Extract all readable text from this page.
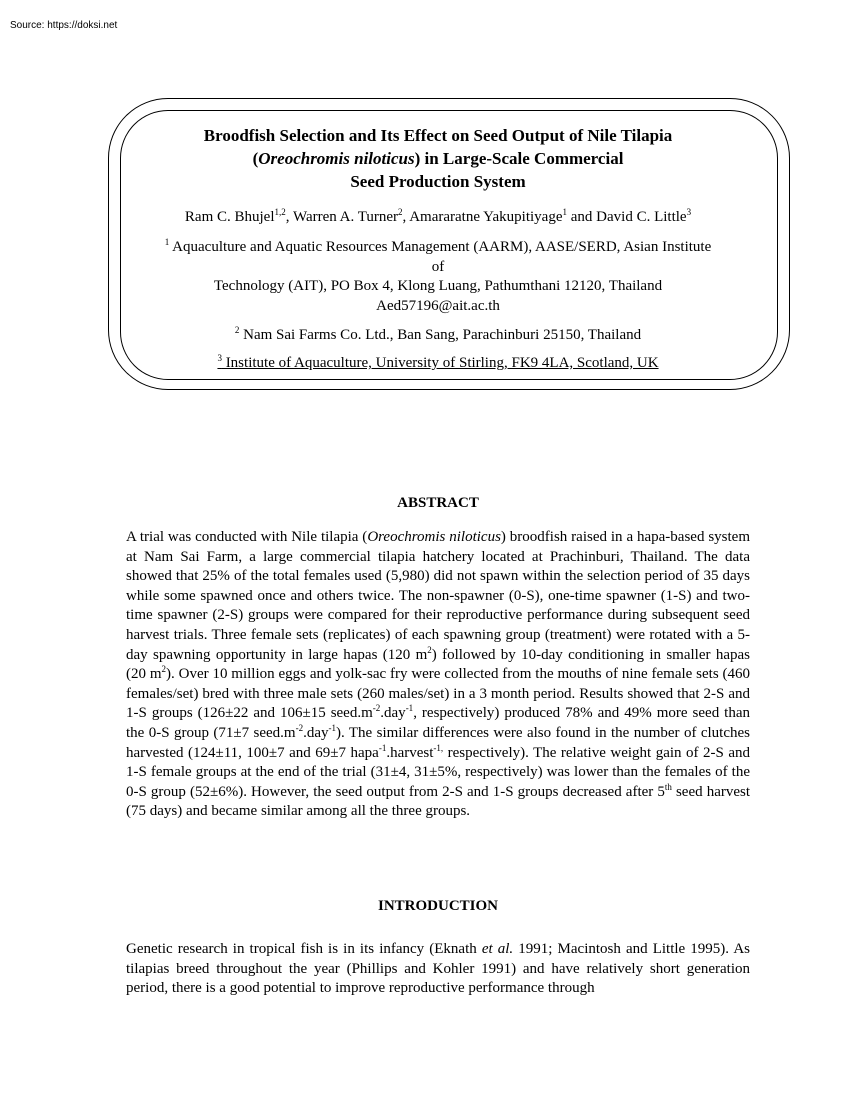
Source: https://doksi.net
Broodfish Selection and Its Effect on Seed Output of Nile Tilapia
(Oreochromis niloticus) in Large-Scale Commercial
Seed Production System
Ram C. Bhujel$^{1,2}$, Warren A. Turner$^2$, Amararatne Yakupitiyage$^1$ and David C. Little$^3$
$^1$ Aquaculture and Aquatic Resources Management (AARM), AASE/SERD, Asian Institute
of
Technology (AIT), PO Box 4, Klong Luang, Pathumthani 12120, Thailand
Aed57196@ait.ac.th
$^2$ Nam Sai Farms Co. Ltd., Ban Sang, Parachinburi 25150, Thailand
$^3$ Institute of Aquaculture, University of Stirling, FK9 4LA, Scotland, UK
ABSTRACT

A trial was conducted with Nile tilapia (Oreochromis niloticus) broodfish raised in a hapa-based system at Nam Sai Farm, a large commercial tilapia hatchery located at Prachinburi, Thailand. The data showed that 25% of the total females used (5,980) did not spawn within the selection period of 35 days while some spawned once and others twice. The non-spawner (0-S), one-time spawner (1-S) and two-time spawner (2-S) groups were compared for their reproductive performance during subsequent seed harvest trials. Three female sets (replicates) of each spawning group (treatment) were rotated with a 5-day spawning opportunity in large hapas (120 $m^2$) followed by 10-day conditioning in smaller hapas (20 $m^2$). Over 10 million eggs and yolk-sac fry were collected from the mouths of nine female sets (460 females/set) bred with three male sets (260 males/set) in a 3 month period. Results showed that 2-S and 1-S groups (126±22 and 106±15 $seed.m^{-2}.day^{-1}$, respectively) produced 78% and 49% more seed than the 0-S group (71±7 $seed.m^{-2}.day^{-1}$). The similar differences were also found in the number of clutches harvested (124±11, 100±7 and 69±7 hapa$^{-1}$.harvest$^{-1,}$ respectively). The relative weight gain of 2-S and 1-S female groups at the end of the trial (31±4, 31±5%, respectively) was lower than the females of the 0-S group (52±6%). However, the seed output from 2-S and 1-S groups decreased after 5th seed harvest (75 days) and became similar among all the three groups.

INTRODUCTION

Genetic research in tropical fish is in its infancy (Eknath et al. 1991; Macintosh and Little 1995). As tilapias breed throughout the year (Phillips and Kohler 1991) and have relatively short generation period, there is a good potential to improve reproductive performance through
